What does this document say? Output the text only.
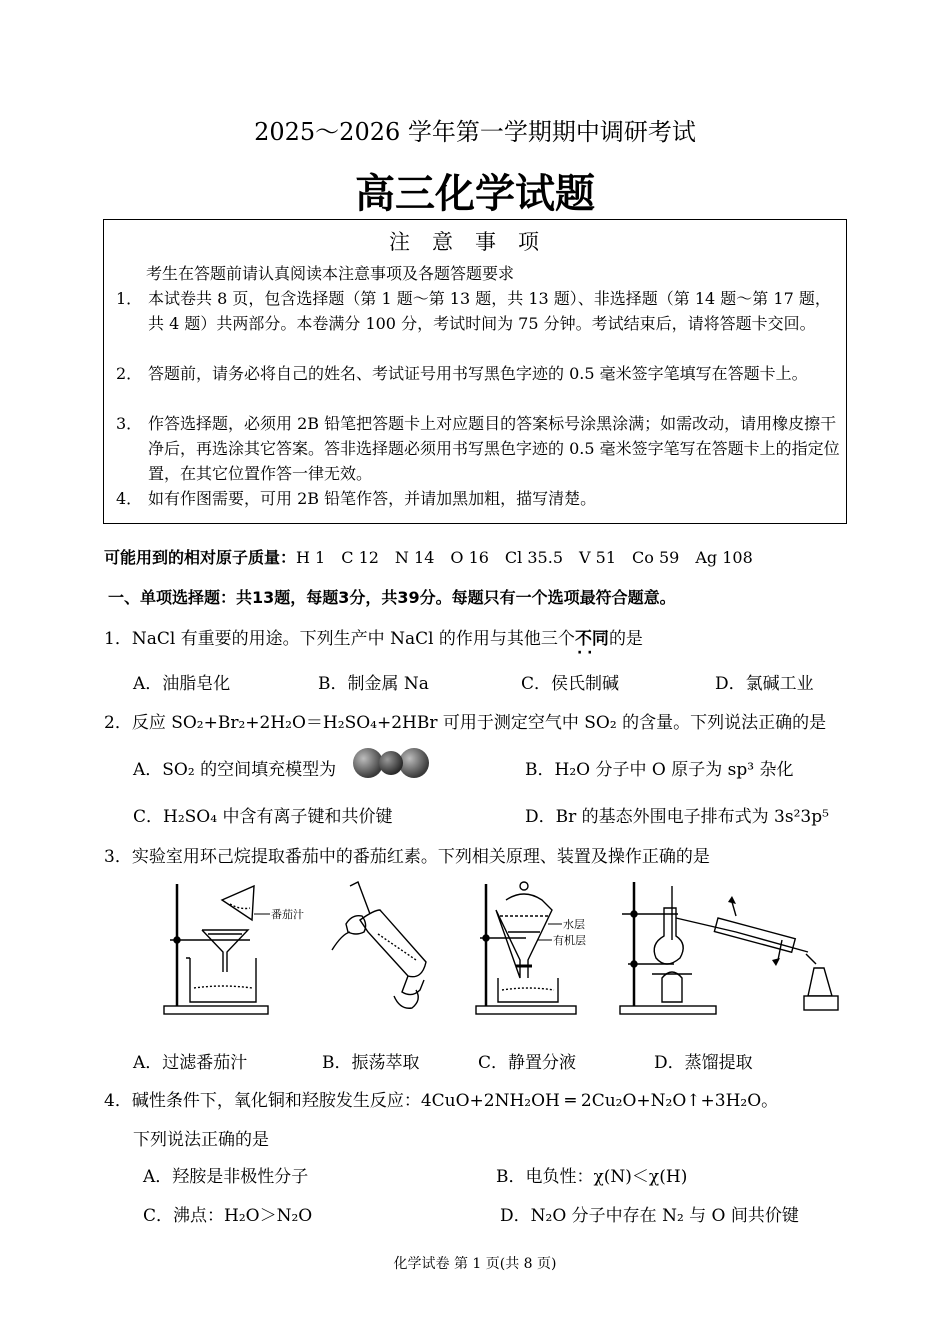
2025～2026 学年第一学期期中调研考试
高三化学试题
注意事项
考生在答题前请认真阅读本注意事项及各题答题要求
1． 本试卷共 8 页，包含选择题（第 1 题～第 13 题，共 13 题）、非选择题（第 14 题～第 17 题，共 4 题）共两部分。本卷满分 100 分，考试时间为 75 分钟。考试结束后，请将答题卡交回。
2． 答题前，请务必将自己的姓名、考试证号用书写黑色字迹的 0.5 毫米签字笔填写在答题卡上。
3． 作答选择题，必须用 2B 铅笔把答题卡上对应题目的答案标号涂黑涂满；如需改动，请用橡皮擦干净后，再选涂其它答案。答非选择题必须用书写黑色字迹的 0.5 毫米签字笔写在答题卡上的指定位置，在其它位置作答一律无效。
4． 如有作图需要，可用 2B 铅笔作答，并请加黑加粗，描写清楚。
可能用到的相对原子质量：H 1　C 12　N 14　O 16　Cl 35.5　V 51　Co 59　Ag 108
一、单项选择题：共13题，每题3分，共39分。每题只有一个选项最符合题意。
1．NaCl 有重要的用途。下列生产中 NaCl 的作用与其他三个不同 · ·的是
A．油脂皂化	B．制金属 Na	C．侯氏制碱	D．氯碱工业
2．反应 SO₂+Br₂+2H₂O＝H₂SO₄+2HBr 可用于测定空气中 SO₂ 的含量。下列说法正确的是
A．SO₂ 的空间填充模型为	B．H₂O 分子中 O 原子为 sp³ 杂化
C．H₂SO₄ 中含有离子键和共价键	D．Br 的基态外围电子排布式为 3s²3p⁵
3．实验室用环己烷提取番茄中的番茄红素。下列相关原理、装置及操作正确的是
番茄汁
水层
有机层
A．过滤番茄汁	B．振荡萃取	C．静置分液	D．蒸馏提取
4．碱性条件下，氧化铜和羟胺发生反应：4CuO+2NH₂OH ═ 2Cu₂O+N₂O↑+3H₂O。
下列说法正确的是
A．羟胺是非极性分子	B．电负性：χ(N)＜χ(H)
C．沸点：H₂O＞N₂O	D．N₂O 分子中存在 N₂ 与 O 间共价键
化学试卷 第 1 页(共 8 页)
